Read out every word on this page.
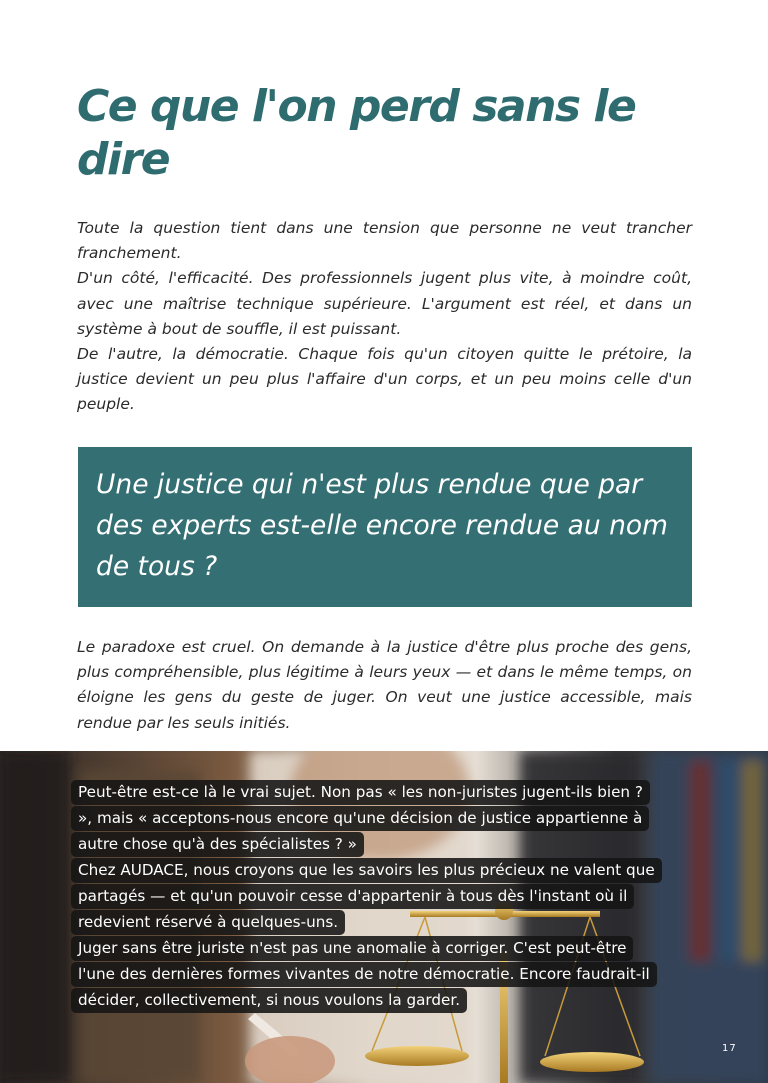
Ce que l'on perd sans le dire

Toute la question tient dans une tension que personne ne veut trancher franchement.

D'un côté, l'efficacité. Des professionnels jugent plus vite, à moindre coût, avec une maîtrise technique supérieure. L'argument est réel, et dans un système à bout de souffle, il est puissant.

De l'autre, la démocratie. Chaque fois qu'un citoyen quitte le prétoire, la justice devient un peu plus l'affaire d'un corps, et un peu moins celle d'un peuple.

Une justice qui n'est plus rendue que par des experts est-elle encore rendue au nom de tous ?

Le paradoxe est cruel. On demande à la justice d'être plus proche des gens, plus compréhensible, plus légitime à leurs yeux — et dans le même temps, on éloigne les gens du geste de juger. On veut une justice accessible, mais rendue par les seuls initiés.

Peut-être est-ce là le vrai sujet. Non pas « les non-juristes jugent-ils bien ?
», mais « acceptons-nous encore qu'une décision de justice appartienne à
autre chose qu'à des spécialistes ? »
Chez AUDACE, nous croyons que les savoirs les plus précieux ne valent que
partagés — et qu'un pouvoir cesse d'appartenir à tous dès l'instant où il
redevient réservé à quelques-uns.
Juger sans être juriste n'est pas une anomalie à corriger. C'est peut-être
l'une des dernières formes vivantes de notre démocratie. Encore faudrait-il
décider, collectivement, si nous voulons la garder.
17
